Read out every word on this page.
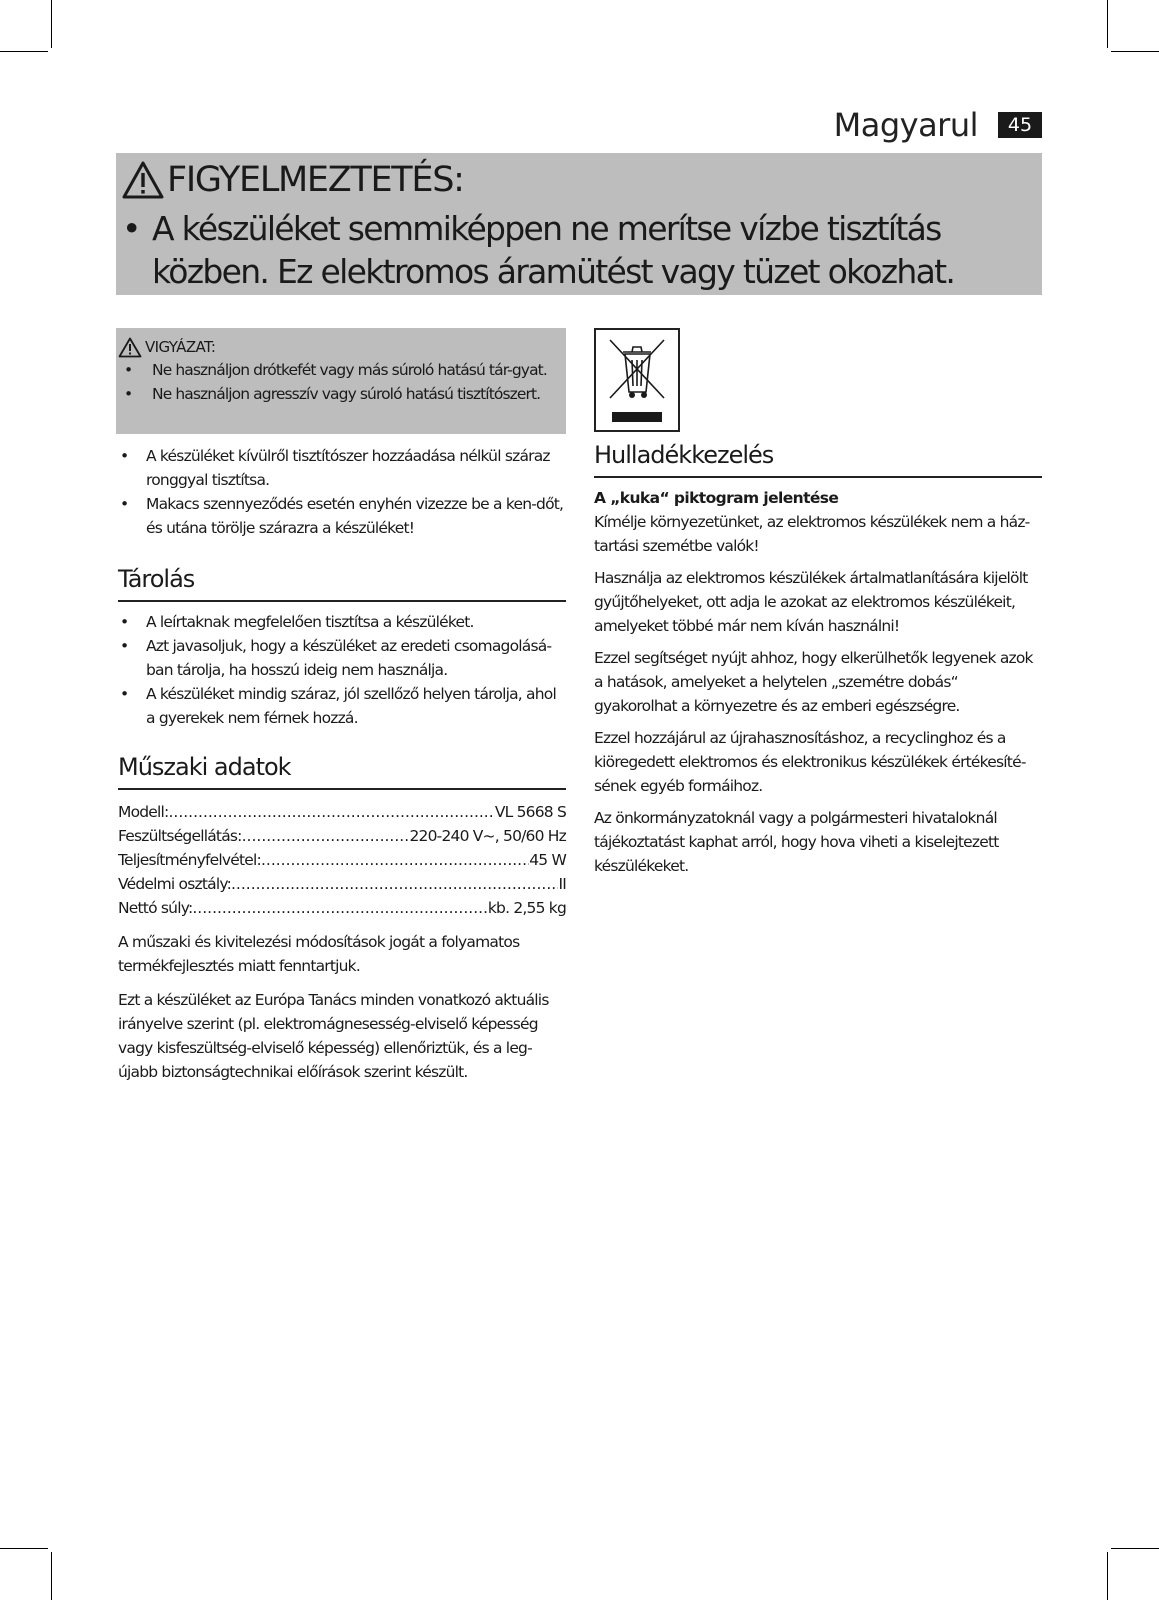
Magyarul	45
FIGYELMEZTETÉS:
• A készüléket semmiképpen ne merítse vízbe tisztítás közben. Ez elektromos áramütést vagy tüzet okozhat.
VIGYÁZAT:
• Ne használjon drótkefét vagy más súroló hatású tár-gyat.
• Ne használjon agresszív vagy súroló hatású tisztítószert.
• A készüléket kívülről tisztítószer hozzáadása nélkül száraz ronggyal tisztítsa.
• Makacs szennyeződés esetén enyhén vizezze be a ken-dőt, és utána törölje szárazra a készüléket!
Tárolás
• A leírtaknak megfelelően tisztítsa a készüléket.
• Azt javasoljuk, hogy a készüléket az eredeti csomagolásá-ban tárolja, ha hosszú ideig nem használja.
• A készüléket mindig száraz, jól szellőző helyen tárolja, ahol a gyerekek nem férnek hozzá.
Műszaki adatok
Modell: .....	VL 5668 S
Feszültségellátás: .....	220-240 V~, 50/60 Hz
Teljesítményfelvétel: .....	45 W
Védelmi osztály: .....	II
Nettó súly: .....	kb. 2,55 kg

A műszaki és kivitelezési módosítások jogát a folyamatos termékfejlesztés miatt fenntartjuk.

Ezt a készüléket az Európa Tanács minden vonatkozó aktuális irányelve szerint (pl. elektromágnesesség-elviselő képesség vagy kisfeszültség-elviselő képesség) ellenőriztük, és a leg-újabb biztonságtechnikai előírások szerint készült.

Hulladékkezelés
A „kuka“ piktogram jelentése

Kímélje környezetünket, az elektromos készülékek nem a ház-tartási szemétbe valók!

Használja az elektromos készülékek ártalmatlanítására kijelölt gyűjtőhelyeket, ott adja le azokat az elektromos készülékeit, amelyeket többé már nem kíván használni!

Ezzel segítséget nyújt ahhoz, hogy elkerülhetők legyenek azok a hatások, amelyeket a helytelen „szemétre dobás“ gyakorolhat a környezetre és az emberi egészségre.

Ezzel hozzájárul az újrahasznosításhoz, a recyclinghoz és a kiöregedett elektromos és elektronikus készülékek értékesíté-sének egyéb formáihoz.

Az önkormányzatoknál vagy a polgármesteri hivataloknál tájékoztatást kaphat arról, hogy hova viheti a kiselejtezett készülékeket.
